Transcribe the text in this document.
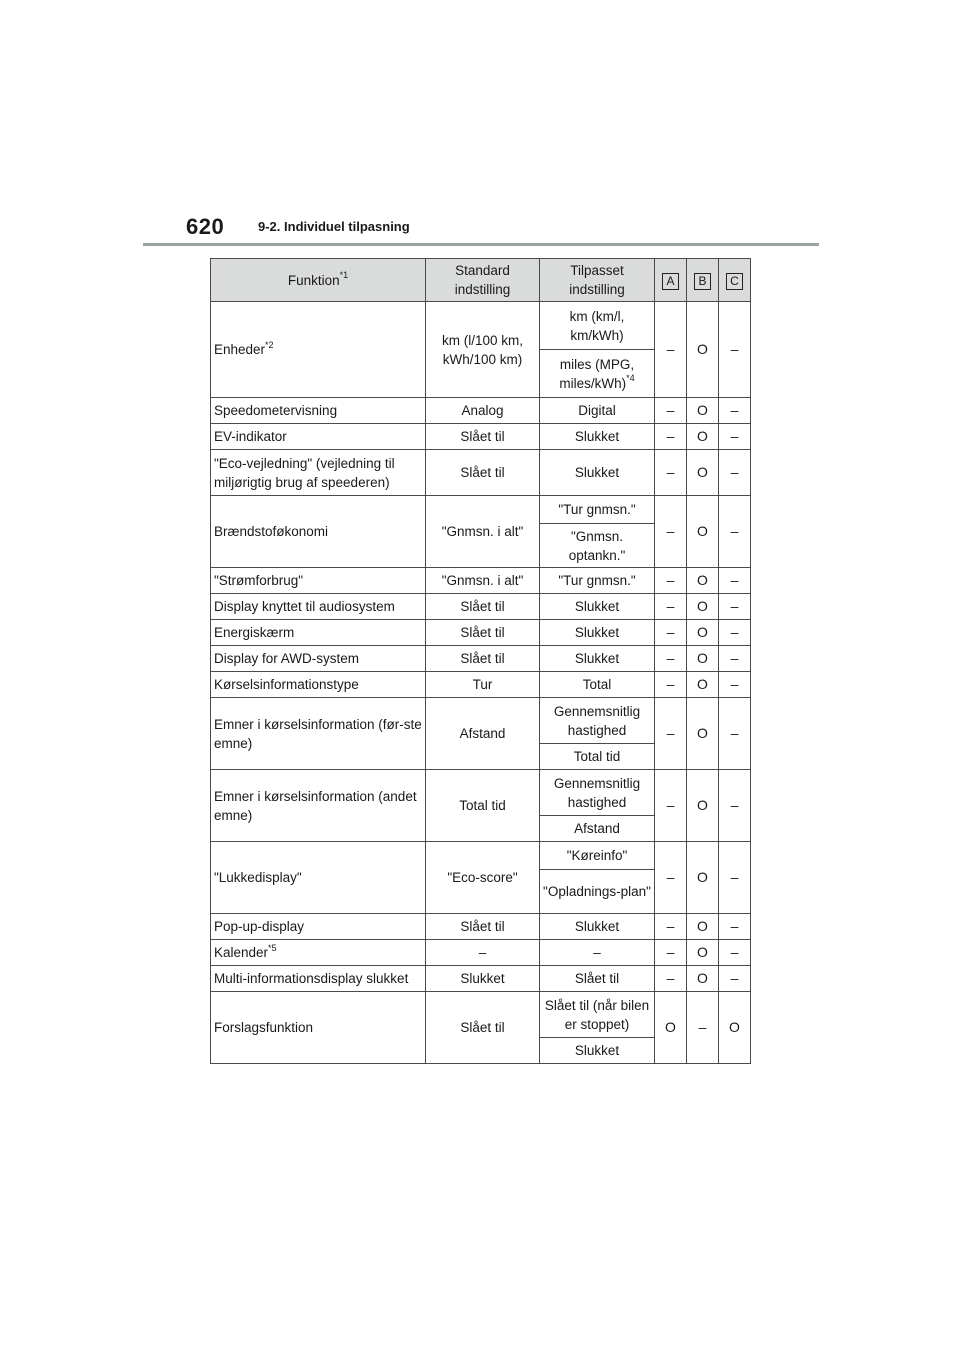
620	9-2. Individuel tilpasning
Funktion$^{*1}$	Standard indstilling	Tilpasset indstilling	A	B	C
Enheder$^{*2}$	km (l/100 km, kWh/100 km)	km (km/l, km/kWh)	–	O	–
		miles (MPG, miles/kWh)$^{*4}$
Speedometervisning	Analog	Digital	–	O	–
EV-indikator	Slået til	Slukket	–	O	–
"Eco-vejledning" (vejledning til miljørigtig brug af speederen)	Slået til	Slukket	–	O	–
Brændstoføkonomi	"Gnmsn. i alt"	"Tur gnmsn."	–	O	–
		"Gnmsn. optankn."			
"Strømforbrug"	"Gnmsn. i alt"	"Tur gnmsn."	–	O	–
Display knyttet til audiosystem	Slået til	Slukket	–	O	–
Energiskærm	Slået til	Slukket	–	O	–
Display for AWD-system	Slået til	Slukket	–	O	–
Kørselsinformationstype	Tur	Total	–	O	–
Emner i kørselsinformation (før-ste emne)	Afstand	Gennemsnitlig hastighed	–	O	–
		Total tid			
Emner i kørselsinformation (andet emne)	Total tid	Gennemsnitlig hastighed	–	O	–
		Afstand			
"Lukkedisplay"	"Eco-score"	"Køreinfo"	–	O	–
		"Opladnings-plan"			
Pop-up-display	Slået til	Slukket	–	O	–
Kalender$^{*5}$	–	–	–	O	–
Multi-informationsdisplay slukket	Slukket	Slået til	–	O	–
Forslagsfunktion	Slået til	Slået til (når bilen er stoppet)	O	–	O
		Slukket			
